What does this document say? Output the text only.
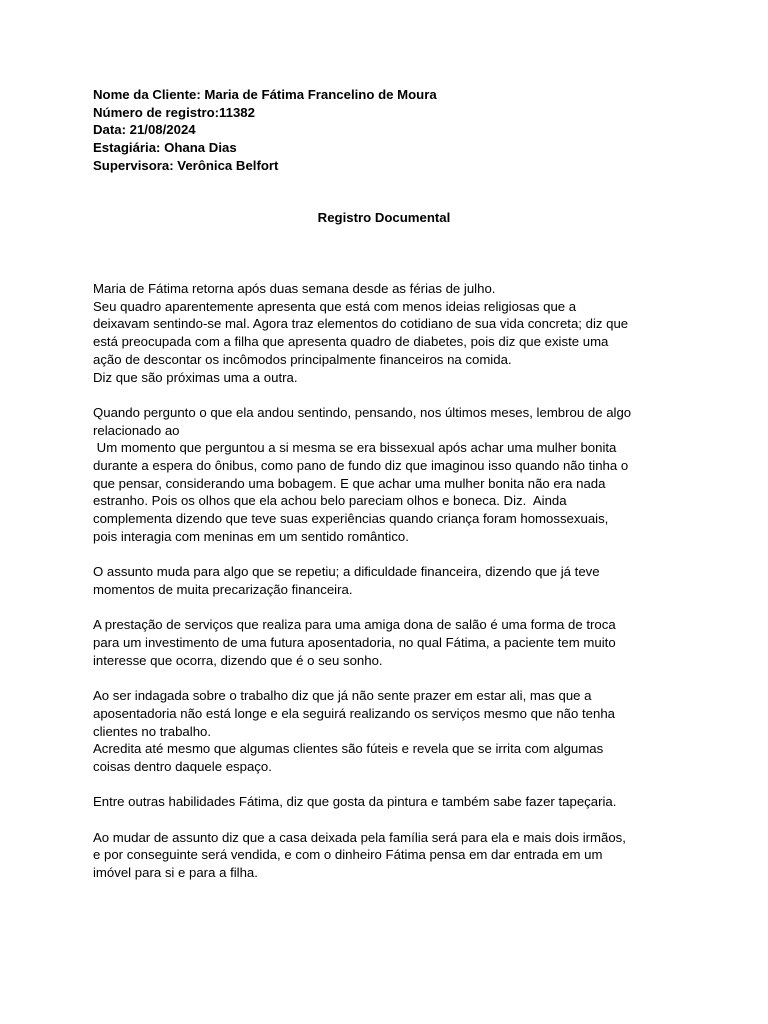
Nome da Cliente: Maria de Fátima Francelino de Moura
Número de registro:11382
Data: 21/08/2024
Estagiária: Ohana Dias
Supervisora: Verônica Belfort
Registro Documental
Maria de Fátima retorna após duas semana desde as férias de julho.
Seu quadro aparentemente apresenta que está com menos ideias religiosas que a
deixavam sentindo-se mal. Agora traz elementos do cotidiano de sua vida concreta; diz que
está preocupada com a filha que apresenta quadro de diabetes, pois diz que existe uma
ação de descontar os incômodos principalmente financeiros na comida.
Diz que são próximas uma a outra.
Quando pergunto o que ela andou sentindo, pensando, nos últimos meses, lembrou de algo
relacionado ao
Um momento que perguntou a si mesma se era bissexual após achar uma mulher bonita
durante a espera do ônibus, como pano de fundo diz que imaginou isso quando não tinha o
que pensar, considerando uma bobagem. E que achar uma mulher bonita não era nada
estranho. Pois os olhos que ela achou belo pareciam olhos e boneca. Diz.  Ainda
complementa dizendo que teve suas experiências quando criança foram homossexuais,
pois interagia com meninas em um sentido romântico.
O assunto muda para algo que se repetiu; a dificuldade financeira, dizendo que já teve
momentos de muita precarização financeira.
A prestação de serviços que realiza para uma amiga dona de salão é uma forma de troca
para um investimento de uma futura aposentadoria, no qual Fátima, a paciente tem muito
interesse que ocorra, dizendo que é o seu sonho.
Ao ser indagada sobre o trabalho diz que já não sente prazer em estar ali, mas que a
aposentadoria não está longe e ela seguirá realizando os serviços mesmo que não tenha
clientes no trabalho.
Acredita até mesmo que algumas clientes são fúteis e revela que se irrita com algumas
coisas dentro daquele espaço.
Entre outras habilidades Fátima, diz que gosta da pintura e também sabe fazer tapeçaria.
Ao mudar de assunto diz que a casa deixada pela família será para ela e mais dois irmãos,
e por conseguinte será vendida, e com o dinheiro Fátima pensa em dar entrada em um
imóvel para si e para a filha.
